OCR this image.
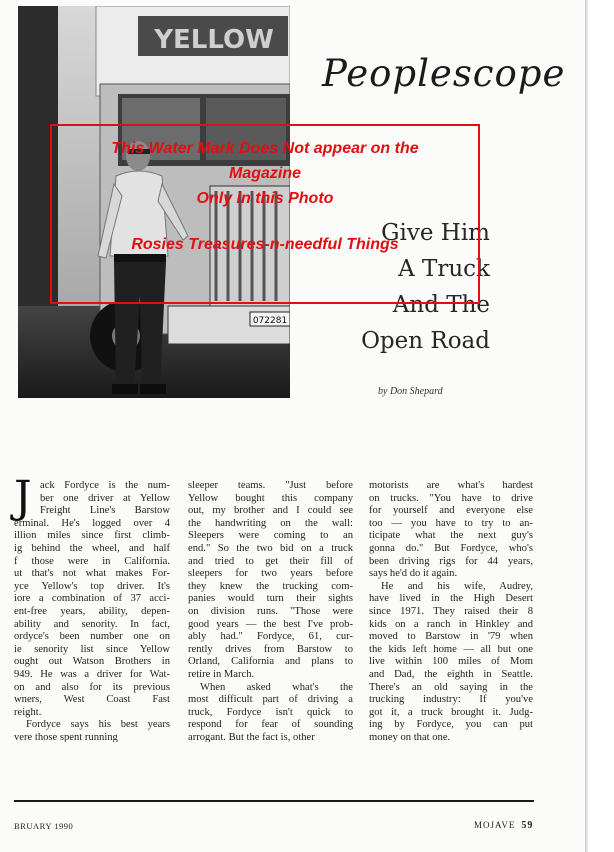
YELLOW
072281
Peoplescope
Give Him
A Truck
And The
Open Road
by Don Shepard
This Water Mark Does Not appear on the
Magazine
Only in this Photo
Rosies Treasures-n-needful Things
J ack Fordyce is the num-

ber one driver at Yellow

Freight Line's Barstow

erminal. He's logged over 4

illion miles since first climb-

ig behind the wheel, and half

f those were in California.

ut that's not what makes For-

yce Yellow's top driver. It's

iore a combination of 37 acci-

ent-free years, ability, depen-

ability and senority. In fact,

ordyce's been number one on

ie senority list since Yellow

ought out Watson Brothers in

949. He was a driver for Wat-

on and also for its previous

wners, West Coast Fast

reight.

Fordyce says his best years

vere those spent running

sleeper teams. "Just before

Yellow bought this company

out, my brother and I could see

the handwriting on the wall:

Sleepers were coming to an

end." So the two bid on a truck

and tried to get their fill of

sleepers for two years before

they knew the trucking com-

panies would turn their sights

on division runs. "Those were

good years — the best I've prob-

ably had." Fordyce, 61, cur-

rently drives from Barstow to

Orland, California and plans to

retire in March.

When asked what's the

most difficult part of driving a

truck, Fordyce isn't quick to

respond for fear of sounding

arrogant. But the fact is, other

motorists are what's hardest

on trucks. "You have to drive

for yourself and everyone else

too — you have to try to an-

ticipate what the next guy's

gonna do." But Fordyce, who's

been driving rigs for 44 years,

says he'd do it again.

He and his wife, Audrey,

have lived in the High Desert

since 1971. They raised their 8

kids on a ranch in Hinkley and

moved to Barstow in '79 when

the kids left home — all but one

live within 100 miles of Mom

and Dad, the eighth in Seattle.

There's an old saying in the

trucking industry: If you've

got it, a truck brought it. Judg-

ing by Fordyce, you can put

money on that one.

BRUARY 1990	MOJAVE 59
